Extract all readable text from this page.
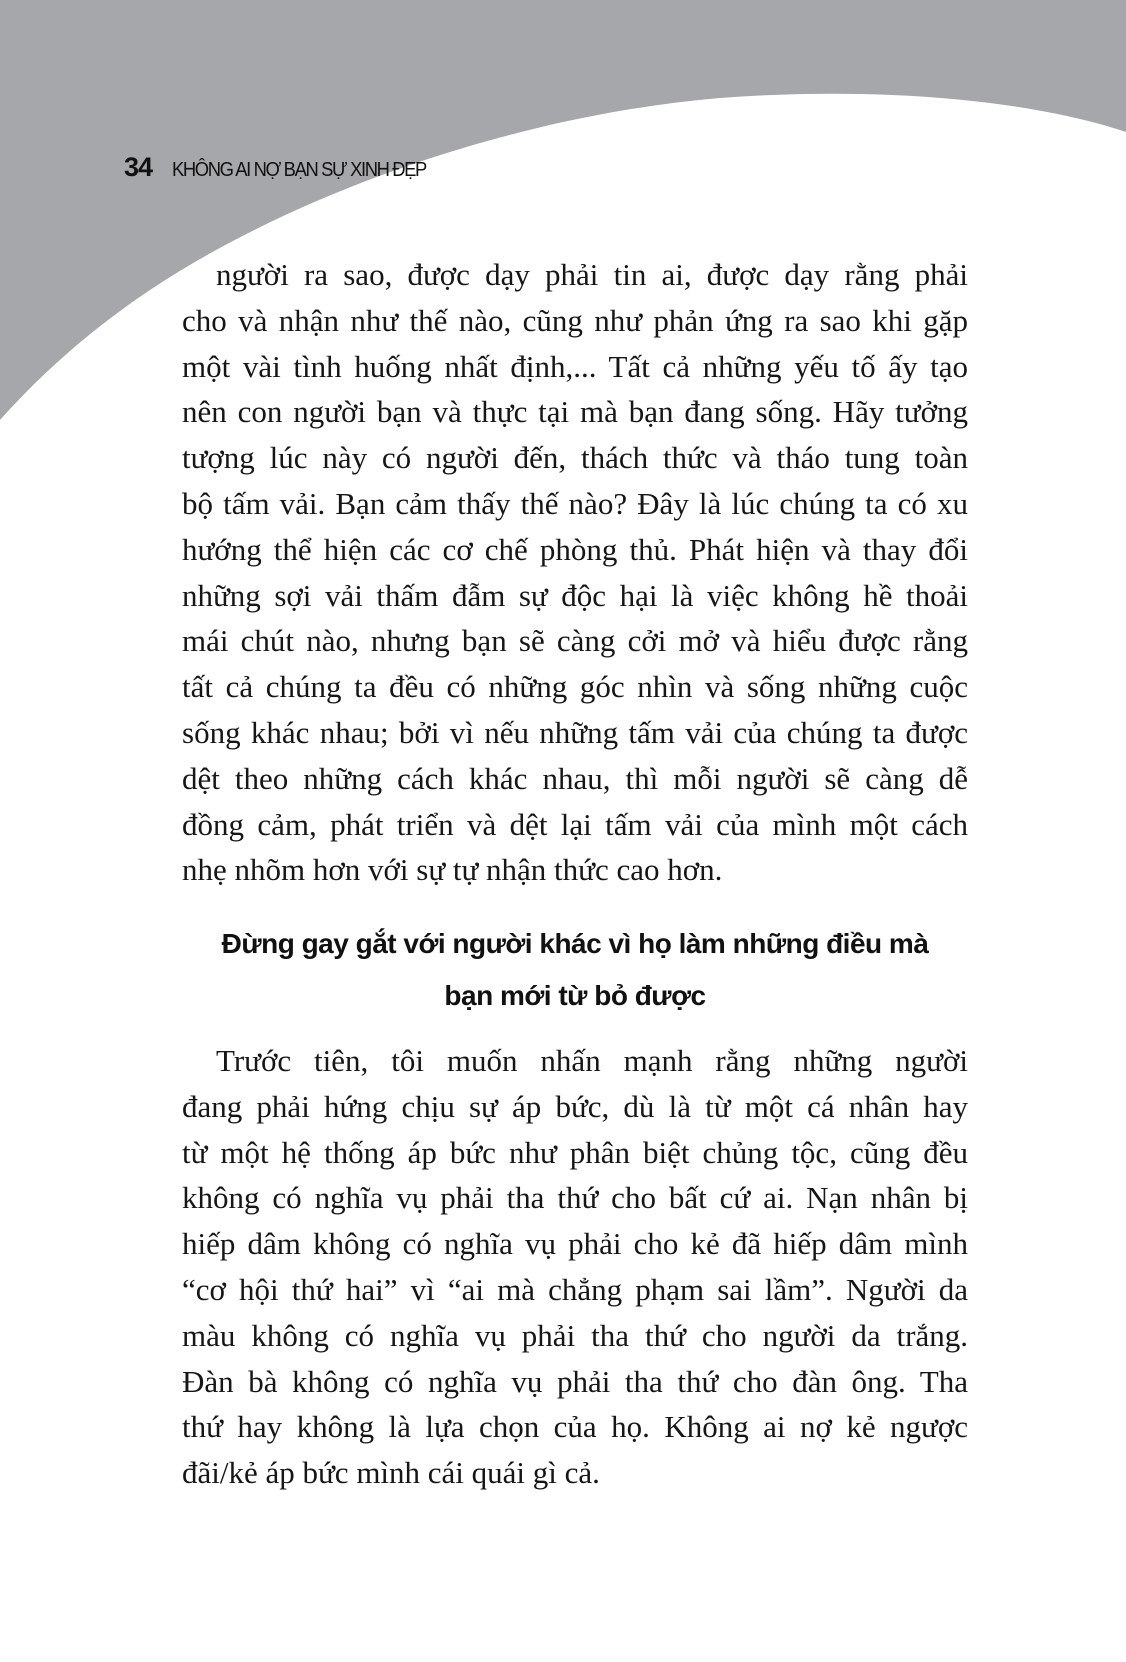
34 KHÔNG AI NỢ BẠN SỰ XINH ĐẸP
người ra sao, được dạy phải tin ai, được dạy rằng phải
cho và nhận như thế nào, cũng như phản ứng ra sao khi gặp
một vài tình huống nhất định,... Tất cả những yếu tố ấy tạo
nên con người bạn và thực tại mà bạn đang sống. Hãy tưởng
tượng lúc này có người đến, thách thức và tháo tung toàn
bộ tấm vải. Bạn cảm thấy thế nào? Đây là lúc chúng ta có xu
hướng thể hiện các cơ chế phòng thủ. Phát hiện và thay đổi
những sợi vải thấm đẫm sự độc hại là việc không hề thoải
mái chút nào, nhưng bạn sẽ càng cởi mở và hiểu được rằng
tất cả chúng ta đều có những góc nhìn và sống những cuộc
sống khác nhau; bởi vì nếu những tấm vải của chúng ta được
dệt theo những cách khác nhau, thì mỗi người sẽ càng dễ
đồng cảm, phát triển và dệt lại tấm vải của mình một cách
nhẹ nhõm hơn với sự tự nhận thức cao hơn.
Đừng gay gắt với người khác vì họ làm những điều mà
bạn mới từ bỏ được
Trước tiên, tôi muốn nhấn mạnh rằng những người
đang phải hứng chịu sự áp bức, dù là từ một cá nhân hay
từ một hệ thống áp bức như phân biệt chủng tộc, cũng đều
không có nghĩa vụ phải tha thứ cho bất cứ ai. Nạn nhân bị
hiếp dâm không có nghĩa vụ phải cho kẻ đã hiếp dâm mình
“cơ hội thứ hai” vì “ai mà chẳng phạm sai lầm”. Người da
màu không có nghĩa vụ phải tha thứ cho người da trắng.
Đàn bà không có nghĩa vụ phải tha thứ cho đàn ông. Tha
thứ hay không là lựa chọn của họ. Không ai nợ kẻ ngược
đãi/kẻ áp bức mình cái quái gì cả.
